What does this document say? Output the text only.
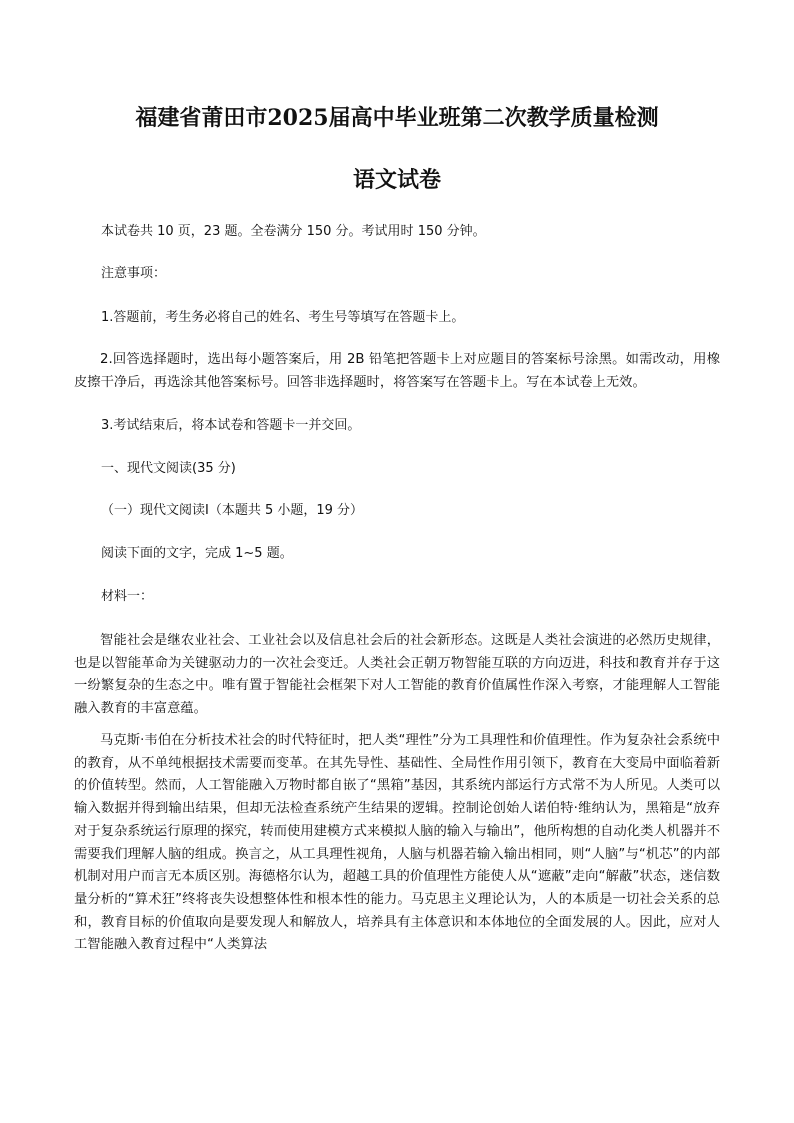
福建省莆田市2025届高中毕业班第二次教学质量检测
语文试卷

本试卷共 10 页，23 题。全卷满分 150 分。考试用时 150 分钟。

注意事项：

1.答题前，考生务必将自己的姓名、考生号等填写在答题卡上。

2.回答选择题时，选出每小题答案后，用 2B 铅笔把答题卡上对应题目的答案标号涂黑。如需改动，用橡皮擦干净后，再选涂其他答案标号。回答非选择题时，将答案写在答题卡上。写在本试卷上无效。

3.考试结束后，将本试卷和答题卡一并交回。

一、现代文阅读(35 分)

（一）现代文阅读Ⅰ（本题共 5 小题，19 分）

阅读下面的文字，完成 1~5 题。

材料一：

智能社会是继农业社会、工业社会以及信息社会后的社会新形态。这既是人类社会演进的必然历史规律，也是以智能革命为关键驱动力的一次社会变迁。人类社会正朝万物智能互联的方向迈进，科技和教育并存于这一纷繁复杂的生态之中。唯有置于智能社会框架下对人工智能的教育价值属性作深入考察，才能理解人工智能融入教育的丰富意蕴。

马克斯·韦伯在分析技术社会的时代特征时，把人类“理性”分为工具理性和价值理性。作为复杂社会系统中的教育，从不单纯根据技术需要而变革。在其先导性、基础性、全局性作用引领下，教育在大变局中面临着新的价值转型。然而，人工智能融入万物时都自嵌了“黑箱”基因，其系统内部运行方式常不为人所见。人类可以输入数据并得到输出结果，但却无法检查系统产生结果的逻辑。控制论创始人诺伯特·维纳认为，黑箱是“放弃对于复杂系统运行原理的探究，转而使用建模方式来模拟人脑的输入与输出”，他所构想的自动化类人机器并不需要我们理解人脑的组成。换言之，从工具理性视角，人脑与机器若输入输出相同，则“人脑”与“机芯”的内部机制对用户而言无本质区别。海德格尔认为，超越工具的价值理性方能使人从“遮蔽”走向“解蔽”状态，迷信数量分析的“算术狂”终将丧失设想整体性和根本性的能力。马克思主义理论认为，人的本质是一切社会关系的总和，教育目标的价值取向是要发现人和解放人，培养具有主体意识和本体地位的全面发展的人。因此，应对人工智能融入教育过程中“人类算法
